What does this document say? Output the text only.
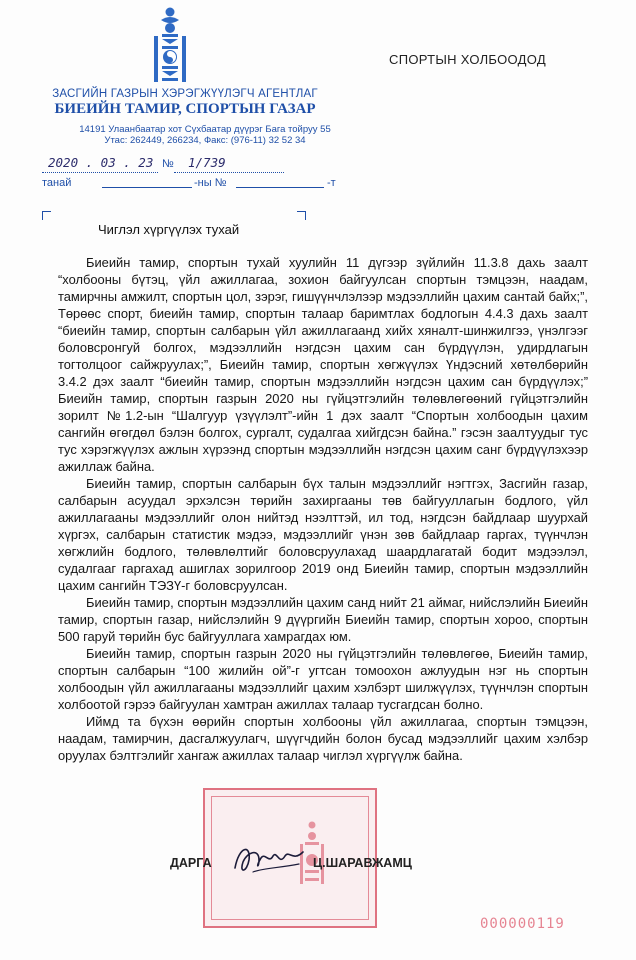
ЗАСГИЙН ГАЗРЫН ХЭРЭГЖҮҮЛЭГЧ АГЕНТЛАГ
БИЕИЙН ТАМИР, СПОРТЫН ГАЗАР
14191 Улаанбаатар хот Сүхбаатар дүүрэг Бага тойруу 55
Утас: 262449, 266234, Факс: (976-11) 32 52 34
СПОРТЫН ХОЛБООДОД
2020 . 03 . 23 № 1/739
танай	-ны №	-т
Чиглэл хүргүүлэх тухай

Биеийн тамир, спортын тухай хуулийн 11 дүгээр зүйлийн 11.3.8 дахь заалт “холбооны бүтэц, үйл ажиллагаа, зохион байгуулсан спортын тэмцээн, наадам, тамирчны амжилт, спортын цол, зэрэг, гишүүнчлэлээр мэдээллийн цахим сантай байх;”, Төрөөс спорт, биеийн тамир, спортын талаар баримтлах бодлогын 4.4.3 дахь заалт “биеийн тамир, спортын салбарын үйл ажиллагаанд хийх хяналт-шинжилгээ, үнэлгээг боловсронгуй болгох, мэдээллийн нэгдсэн цахим сан бүрдүүлэн, удирдлагын тогтолцоог сайжруулах;”, Биеийн тамир, спортын хөгжүүлэх Үндэсний хөтөлбөрийн 3.4.2 дэх заалт “биеийн тамир, спортын мэдээллийн нэгдсэн цахим сан бүрдүүлэх;” Биеийн тамир, спортын газрын 2020 ны гүйцэтгэлийн төлөвлөгөөний гүйцэтгэлийн зорилт №1.2-ын “Шалгуур үзүүлэлт”-ийн 1 дэх заалт “Спортын холбоодын цахим сангийн өгөгдөл бэлэн болгох, сургалт, судалгаа хийгдсэн байна.” гэсэн заалтуудыг тус тус хэрэгжүүлэх ажлын хүрээнд спортын мэдээллийн нэгдсэн цахим санг бүрдүүлэхээр ажиллаж байна.

Биеийн тамир, спортын салбарын бүх талын мэдээллийг нэгтгэх, Засгийн газар, салбарын асуудал эрхэлсэн төрийн захиргааны төв байгууллагын бодлого, үйл ажиллагааны мэдээллийг олон нийтэд нээлттэй, ил тод, нэгдсэн байдлаар шуурхай хүргэх, салбарын статистик мэдээ, мэдээллийг үнэн зөв байдлаар гаргах, түүнчлэн хөгжлийн бодлого, төлөвлөлтийг боловсруулахад шаардлагатай бодит мэдээлэл, судалгааг гаргахад ашиглах зорилгоор 2019 онд Биеийн тамир, спортын мэдээллийн цахим сангийн ТЭЗҮ-г боловсруулсан.

Биеийн тамир, спортын мэдээллийн цахим санд нийт 21 аймаг, нийслэлийн Биеийн тамир, спортын газар, нийслэлийн 9 дүүргийн Биеийн тамир, спортын хороо, спортын 500 гаруй төрийн бус байгууллага хамрагдах юм.

Биеийн тамир, спортын газрын 2020 ны гүйцэтгэлийн төлөвлөгөө, Биеийн тамир, спортын салбарын “100 жилийн ой”-г угтсан томоохон ажлуудын нэг нь спортын холбоодын үйл ажиллагааны мэдээллийг цахим хэлбэрт шилжүүлэх, түүнчлэн спортын холбоотой гэрээ байгуулан хамтран ажиллах талаар тусгагдсан болно.

Иймд та бүхэн өөрийн спортын холбооны үйл ажиллагаа, спортын тэмцээн, наадам, тамирчин, дасгалжуулагч, шүүгчдийн болон бусад мэдээллийг цахим хэлбэр оруулах бэлтгэлийг хангаж ажиллах талаар чиглэл хүргүүлж байна.

ДАРГА	Ц.ШАРАВЖАМЦ
000000119
